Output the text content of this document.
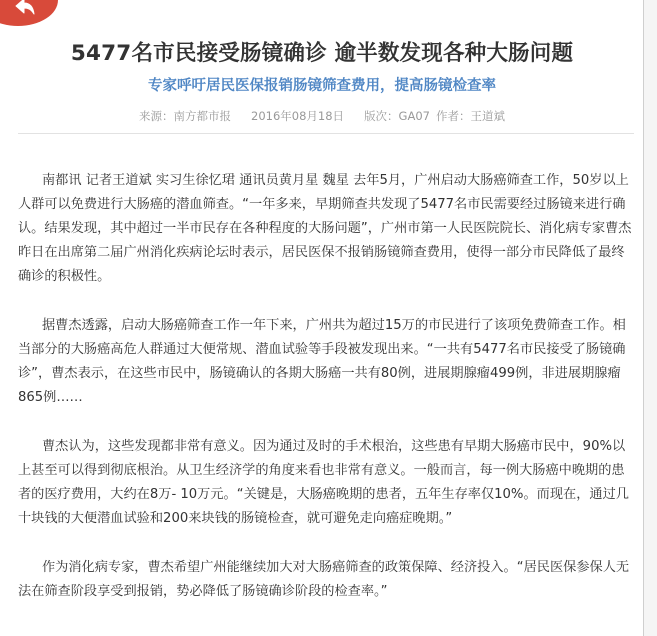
5477名市民接受肠镜确诊 逾半数发现各种大肠问题
专家呼吁居民医保报销肠镜筛查费用，提高肠镜检查率
来源：南方都市报 2016年08月18日 版次：GA07 作者：王道斌

南都讯 记者王道斌 实习生徐忆珺 通讯员黄月星 魏星 去年5月，广州启动大肠癌筛查工作，50岁以上人群可以免费进行大肠癌的潜血筛查。“一年多来，早期筛查共发现了5477名市民需要经过肠镜来进行确认。结果发现，其中超过一半市民存在各种程度的大肠问题”，广州市第一人民医院院长、消化病专家曹杰昨日在出席第二届广州消化疾病论坛时表示，居民医保不报销肠镜筛查费用，使得一部分市民降低了最终确诊的积极性。

据曹杰透露，启动大肠癌筛查工作一年下来，广州共为超过15万的市民进行了该项免费筛查工作。相当部分的大肠癌高危人群通过大便常规、潜血试验等手段被发现出来。“一共有5477名市民接受了肠镜确诊”，曹杰表示，在这些市民中，肠镜确认的各期大肠癌一共有80例，进展期腺瘤499例，非进展期腺瘤865例……

曹杰认为，这些发现都非常有意义。因为通过及时的手术根治，这些患有早期大肠癌市民中，90%以上甚至可以得到彻底根治。从卫生经济学的角度来看也非常有意义。一般而言，每一例大肠癌中晚期的患者的医疗费用，大约在8万- 10万元。“关键是，大肠癌晚期的患者，五年生存率仅10%。而现在，通过几十块钱的大便潜血试验和200来块钱的肠镜检查，就可避免走向癌症晚期。”

作为消化病专家，曹杰希望广州能继续加大对大肠癌筛查的政策保障、经济投入。“居民医保参保人无法在筛查阶段享受到报销，势必降低了肠镜确诊阶段的检查率。”
